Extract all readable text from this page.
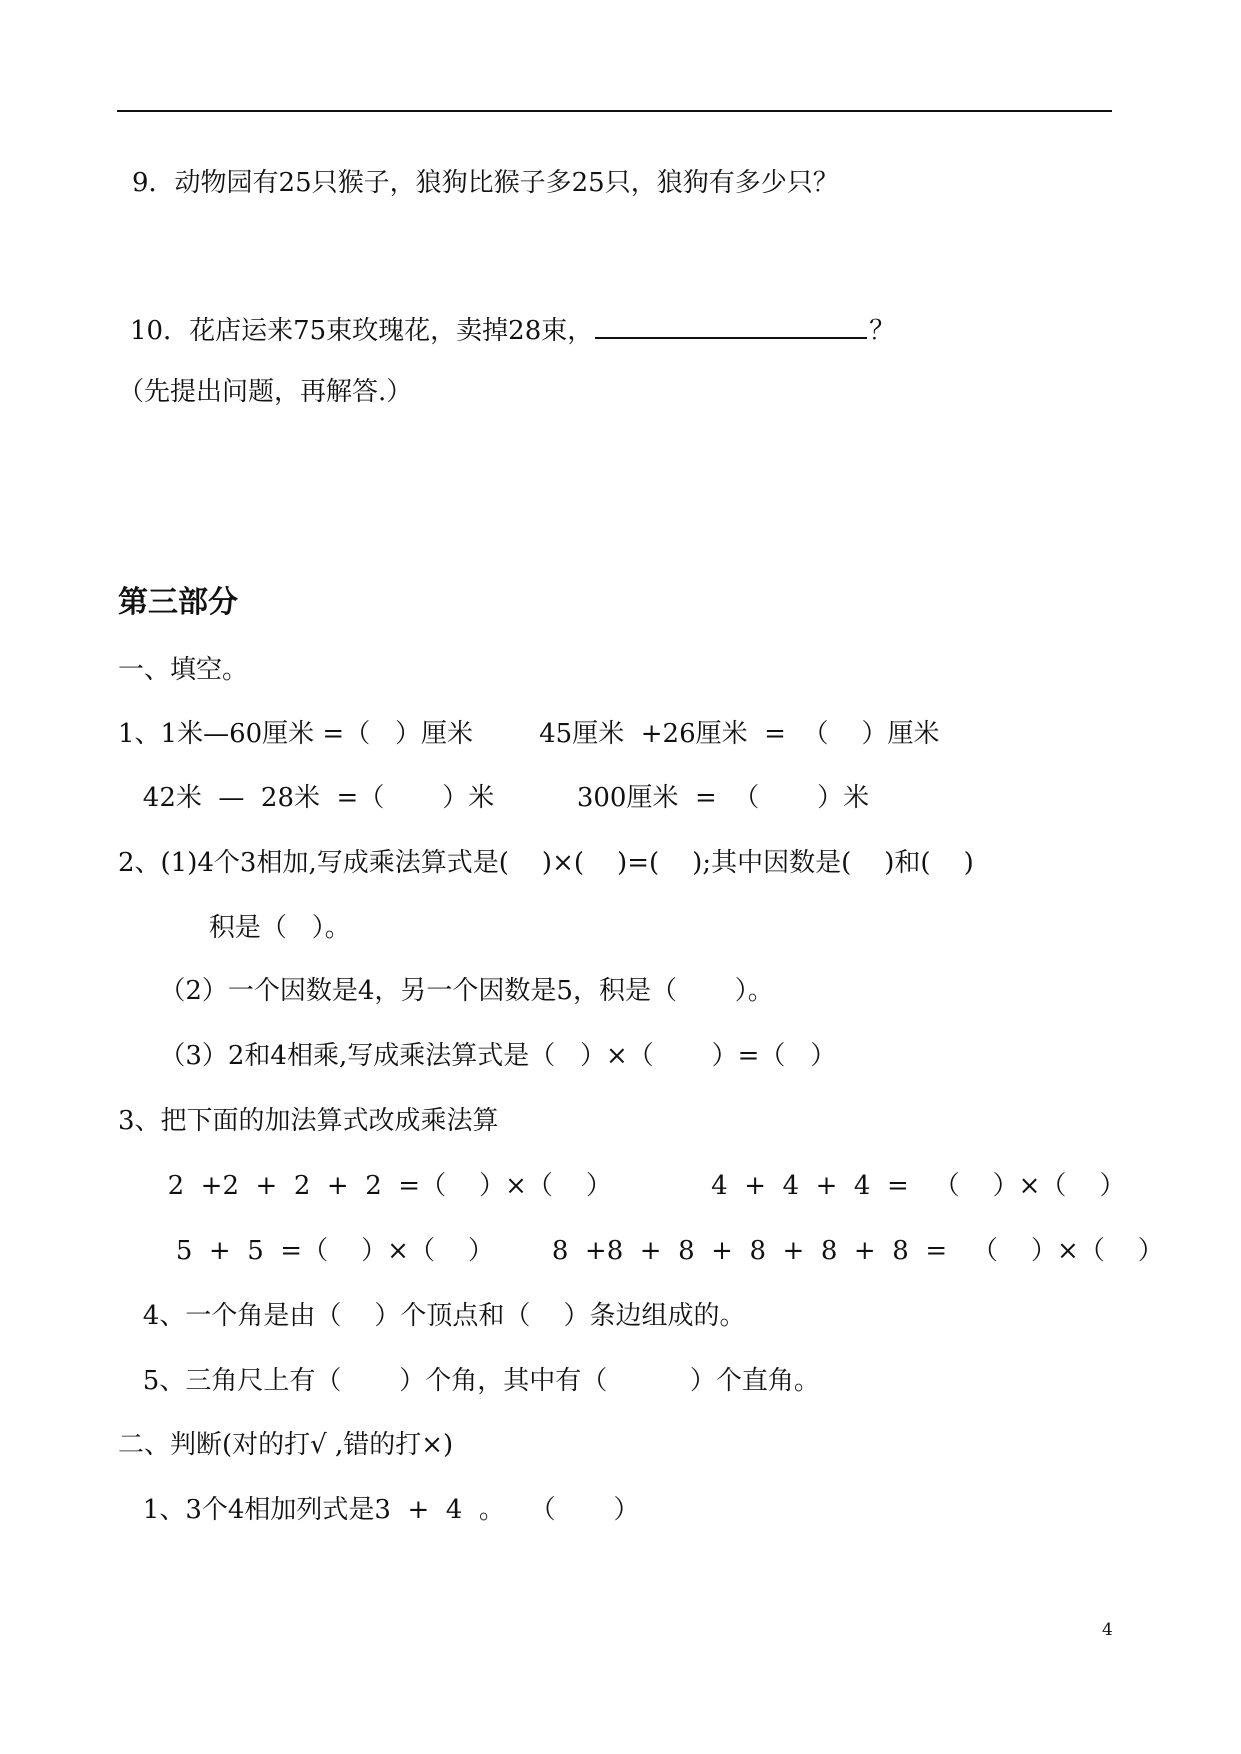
9．动物园有25只猴子，狼狗比猴子多25只，狼狗有多少只？
10．花店运来75束玫瑰花，卖掉28束，	？
（先提出问题，再解答.）
第三部分
一、填空。
1、1米—60厘米 =（   ）厘米        45厘米  +26厘米  =  （    ）厘米
42米  —  28米  =（       ）米          300厘米  =  （       ）米
2、(1)4个3相加,写成乘法算式是(    )×(    )=(    );其中因数是(    )和(    )
积是（   ）。
（2）一个因数是4，另一个因数是5，积是（       ）。
（3）2和4相乘,写成乘法算式是（   ）×（       ）=（   ）
3、把下面的加法算式改成乘法算
2  +2  +  2  +  2  =（    ）×（    ）            4  +  4  +  4  =   （    ）×（    ）
5  +  5  =（    ）×（    ）       8  +8  +  8  +  8  +  8  +  8  =   （    ）×（    ）
4、一个角是由（    ）个顶点和（    ）条边组成的。
5、三角尺上有（       ）个角，其中有（          ）个直角。
二、判断(对的打√ ,错的打×)
1、3个4相加列式是3  +  4  。   （       ）
4
